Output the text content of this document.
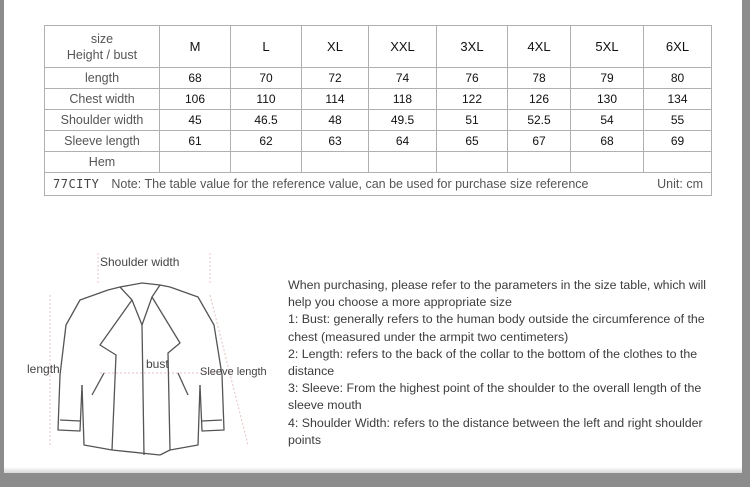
size
Height / bust	M	L	XL	XXL	3XL	4XL	5XL	6XL
length	68	70	72	74	76	78	79	80
Chest width	106	110	114	118	122	126	130	134
Shoulder width	45	46.5	48	49.5	51	52.5	54	55
Sleeve length	61	62	63	64	65	67	68	69
Hem								

77CITY Note: The table value for the reference value, can be used for purchase size reference Unit: cm								
Shoulder width
length	bust
Sleeve length

When purchasing, please refer to the parameters in the size table, which will help you choose a more appropriate size

1: Bust: generally refers to the human body outside the circumference of the chest (measured under the armpit two centimeters)

2: Length: refers to the back of the collar to the bottom of the clothes to the distance

3: Sleeve: From the highest point of the shoulder to the overall length of the sleeve mouth

4: Shoulder Width: refers to the distance between the left and right shoulder points
